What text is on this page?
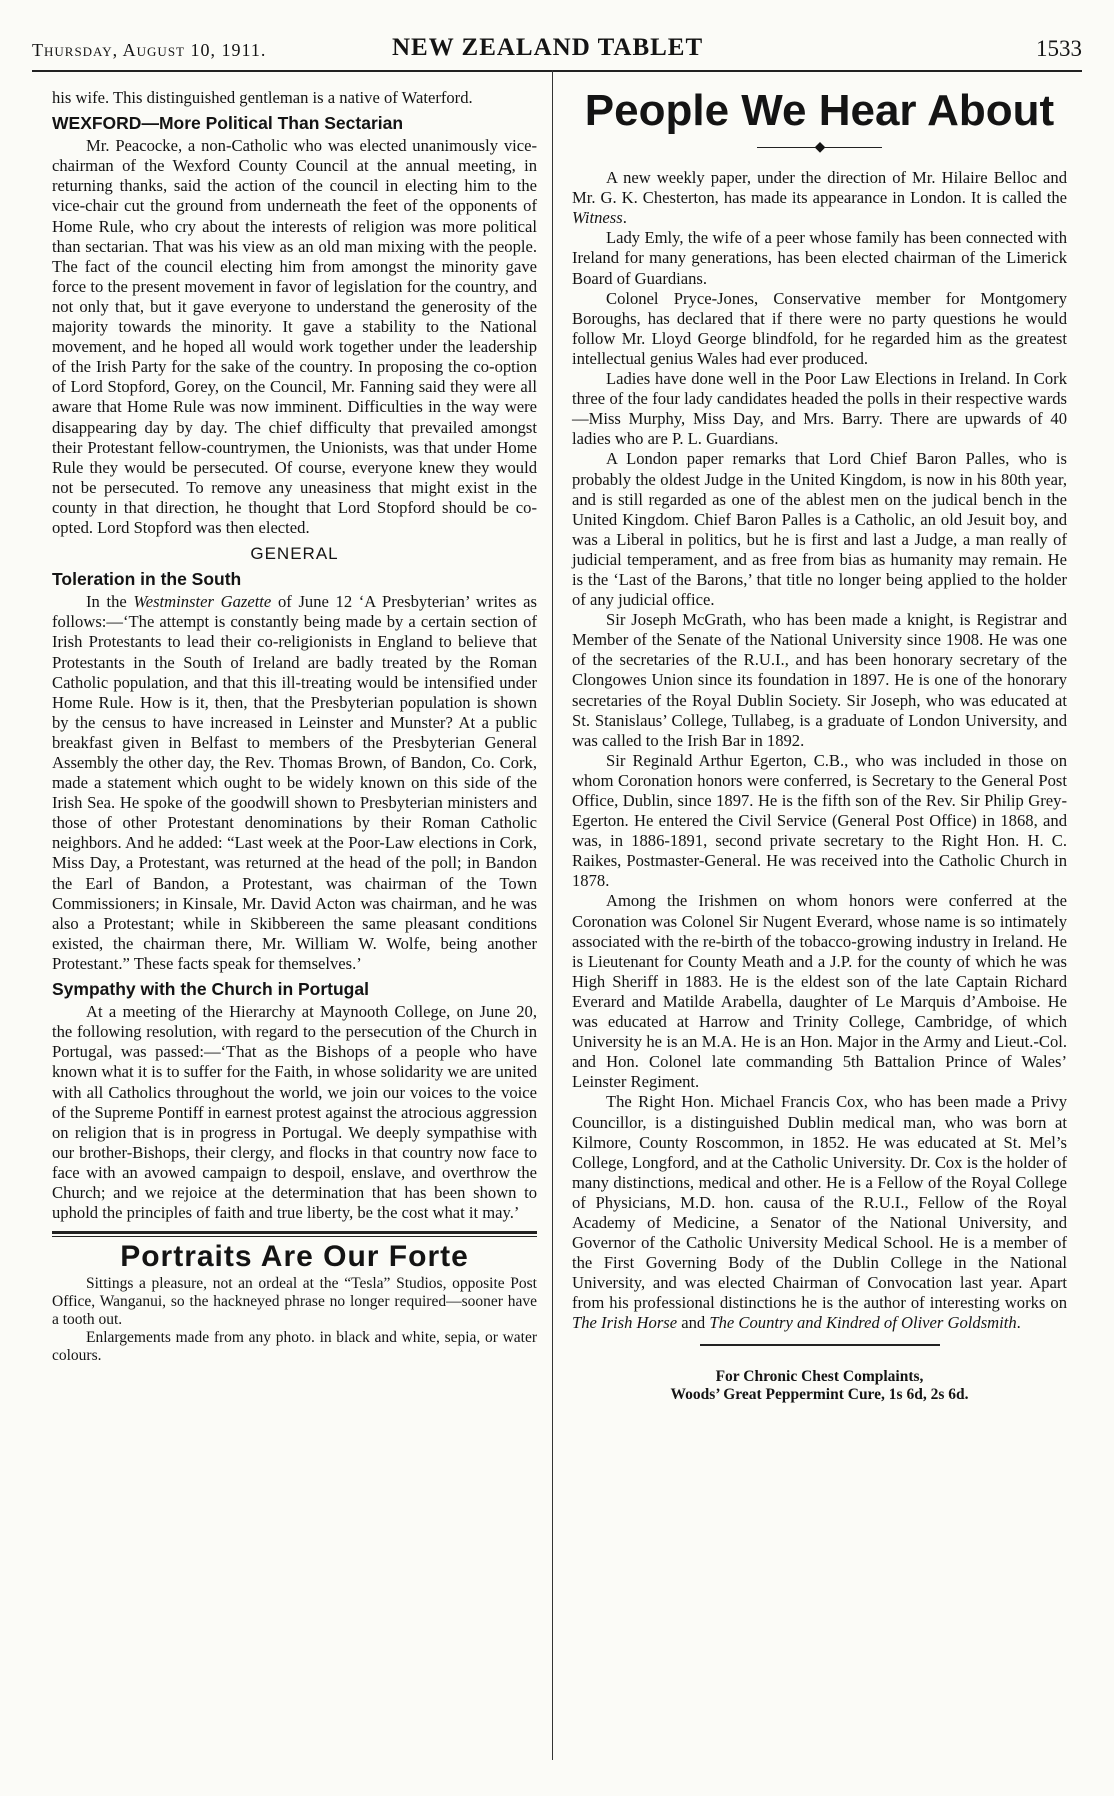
Thursday, August 10, 1911.	NEW ZEALAND TABLET	1533

his wife. This distinguished gentleman is a native of Waterford.

WEXFORD—More Political Than Sectarian

Mr. Peacocke, a non-Catholic who was elected unanimously vice-chairman of the Wexford County Council at the annual meeting, in returning thanks, said the action of the council in electing him to the vice-chair cut the ground from underneath the feet of the opponents of Home Rule, who cry about the interests of religion was more political than sectarian. That was his view as an old man mixing with the people. The fact of the council electing him from amongst the minority gave force to the present movement in favor of legislation for the country, and not only that, but it gave everyone to understand the generosity of the majority towards the minority. It gave a stability to the National movement, and he hoped all would work together under the leadership of the Irish Party for the sake of the country. In proposing the co-option of Lord Stopford, Gorey, on the Council, Mr. Fanning said they were all aware that Home Rule was now imminent. Difficulties in the way were disappearing day by day. The chief difficulty that prevailed amongst their Protestant fellow-countrymen, the Unionists, was that under Home Rule they would be persecuted. Of course, everyone knew they would not be persecuted. To remove any uneasiness that might exist in the county in that direction, he thought that Lord Stopford should be co-opted. Lord Stopford was then elected.

GENERAL
Toleration in the South

In the Westminster Gazette of June 12 ‘A Presbyterian’ writes as follows:—‘The attempt is constantly being made by a certain section of Irish Protestants to lead their co-religionists in England to believe that Protestants in the South of Ireland are badly treated by the Roman Catholic population, and that this ill-treating would be intensified under Home Rule. How is it, then, that the Presbyterian population is shown by the census to have increased in Leinster and Munster? At a public breakfast given in Belfast to members of the Presbyterian General Assembly the other day, the Rev. Thomas Brown, of Bandon, Co. Cork, made a statement which ought to be widely known on this side of the Irish Sea. He spoke of the goodwill shown to Presbyterian ministers and those of other Protestant denominations by their Roman Catholic neighbors. And he added: “Last week at the Poor-Law elections in Cork, Miss Day, a Protestant, was returned at the head of the poll; in Bandon the Earl of Bandon, a Protestant, was chairman of the Town Commissioners; in Kinsale, Mr. David Acton was chairman, and he was also a Protestant; while in Skibbereen the same pleasant conditions existed, the chairman there, Mr. William W. Wolfe, being another Protestant.” These facts speak for themselves.’

Sympathy with the Church in Portugal

At a meeting of the Hierarchy at Maynooth College, on June 20, the following resolution, with regard to the persecution of the Church in Portugal, was passed:—‘That as the Bishops of a people who have known what it is to suffer for the Faith, in whose solidarity we are united with all Catholics throughout the world, we join our voices to the voice of the Supreme Pontiff in earnest protest against the atrocious aggression on religion that is in progress in Portugal. We deeply sympathise with our brother-Bishops, their clergy, and flocks in that country now face to face with an avowed campaign to despoil, enslave, and overthrow the Church; and we rejoice at the determination that has been shown to uphold the principles of faith and true liberty, be the cost what it may.’

Portraits Are Our Forte

Sittings a pleasure, not an ordeal at the “Tesla” Studios, opposite Post Office, Wanganui, so the hackneyed phrase no longer required—sooner have a tooth out.

Enlargements made from any photo. in black and white, sepia, or water colours.

People We Hear About
◆

A new weekly paper, under the direction of Mr. Hilaire Belloc and Mr. G. K. Chesterton, has made its appearance in London. It is called the Witness.

Lady Emly, the wife of a peer whose family has been connected with Ireland for many generations, has been elected chairman of the Limerick Board of Guardians.

Colonel Pryce-Jones, Conservative member for Montgomery Boroughs, has declared that if there were no party questions he would follow Mr. Lloyd George blindfold, for he regarded him as the greatest intellectual genius Wales had ever produced.

Ladies have done well in the Poor Law Elections in Ireland. In Cork three of the four lady candidates headed the polls in their respective wards—Miss Murphy, Miss Day, and Mrs. Barry. There are upwards of 40 ladies who are P. L. Guardians.

A London paper remarks that Lord Chief Baron Palles, who is probably the oldest Judge in the United Kingdom, is now in his 80th year, and is still regarded as one of the ablest men on the judical bench in the United Kingdom. Chief Baron Palles is a Catholic, an old Jesuit boy, and was a Liberal in politics, but he is first and last a Judge, a man really of judicial temperament, and as free from bias as humanity may remain. He is the ‘Last of the Barons,’ that title no longer being applied to the holder of any judicial office.

Sir Joseph McGrath, who has been made a knight, is Registrar and Member of the Senate of the National University since 1908. He was one of the secretaries of the R.U.I., and has been honorary secretary of the Clongowes Union since its foundation in 1897. He is one of the honorary secretaries of the Royal Dublin Society. Sir Joseph, who was educated at St. Stanislaus’ College, Tullabeg, is a graduate of London University, and was called to the Irish Bar in 1892.

Sir Reginald Arthur Egerton, C.B., who was included in those on whom Coronation honors were conferred, is Secretary to the General Post Office, Dublin, since 1897. He is the fifth son of the Rev. Sir Philip Grey-Egerton. He entered the Civil Service (General Post Office) in 1868, and was, in 1886-1891, second private secretary to the Right Hon. H. C. Raikes, Postmaster-General. He was received into the Catholic Church in 1878.

Among the Irishmen on whom honors were conferred at the Coronation was Colonel Sir Nugent Everard, whose name is so intimately associated with the re-birth of the tobacco-growing industry in Ireland. He is Lieutenant for County Meath and a J.P. for the county of which he was High Sheriff in 1883. He is the eldest son of the late Captain Richard Everard and Matilde Arabella, daughter of Le Marquis d’Amboise. He was educated at Harrow and Trinity College, Cambridge, of which University he is an M.A. He is an Hon. Major in the Army and Lieut.-Col. and Hon. Colonel late commanding 5th Battalion Prince of Wales’ Leinster Regiment.

The Right Hon. Michael Francis Cox, who has been made a Privy Councillor, is a distinguished Dublin medical man, who was born at Kilmore, County Roscommon, in 1852. He was educated at St. Mel’s College, Longford, and at the Catholic University. Dr. Cox is the holder of many distinctions, medical and other. He is a Fellow of the Royal College of Physicians, M.D. hon. causa of the R.U.I., Fellow of the Royal Academy of Medicine, a Senator of the National University, and Governor of the Catholic University Medical School. He is a member of the First Governing Body of the Dublin College in the National University, and was elected Chairman of Convocation last year. Apart from his professional distinctions he is the author of interesting works on The Irish Horse and The Country and Kindred of Oliver Goldsmith.

For Chronic Chest Complaints,
Woods’ Great Peppermint Cure, 1s 6d, 2s 6d.
